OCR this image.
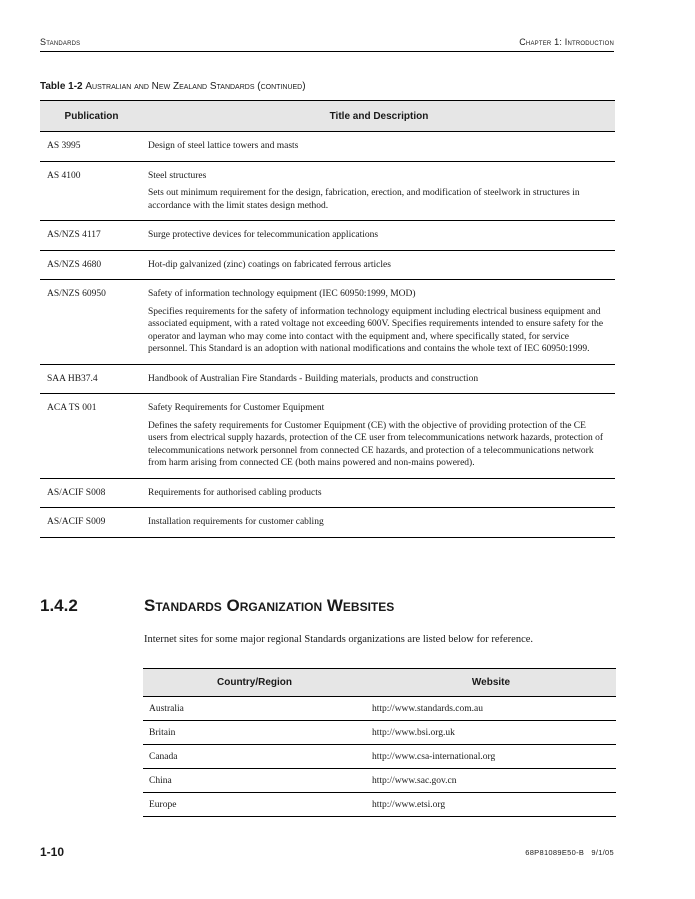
Standards	Chapter 1: Introduction
Table 1-2 Australian and New Zealand Standards (continued)
Publication	Title and Description
AS 3995	Design of steel lattice towers and masts

AS 4100	Steel structures
Sets out minimum requirement for the design, fabrication, erection, and modification of steelwork in structures in accordance with the limit states design method.

AS/NZS 4117	Surge protective devices for telecommunication applications

AS/NZS 4680	Hot-dip galvanized (zinc) coatings on fabricated ferrous articles

AS/NZS 60950	Safety of information technology equipment (IEC 60950:1999, MOD)
Specifies requirements for the safety of information technology equipment including electrical business equipment and associated equipment, with a rated voltage not exceeding 600V. Specifies requirements intended to ensure safety for the operator and layman who may come into contact with the equipment and, where specifically stated, for service personnel. This Standard is an adoption with national modifications and contains the whole text of IEC 60950:1999.

SAA HB37.4	Handbook of Australian Fire Standards - Building materials, products and construction

ACA TS 001	Safety Requirements for Customer Equipment
Defines the safety requirements for Customer Equipment (CE) with the objective of providing protection of the CE users from electrical supply hazards, protection of the CE user from telecommunications network hazards, protection of telecommunications network personnel from connected CE hazards, and protection of a telecommunications network from harm arising from connected CE (both mains powered and non-mains powered).

AS/ACIF S008	Requirements for authorised cabling products

AS/ACIF S009	Installation requirements for customer cabling
1.4.2	Standards Organization Websites
Internet sites for some major regional Standards organizations are listed below for reference.
Country/Region	Website
Australia	http://www.standards.com.au
Britain	http://www.bsi.org.uk
Canada	http://www.csa-international.org
China	http://www.sac.gov.cn
Europe	http://www.etsi.org
1-10	68P81089E50-B 9/1/05
